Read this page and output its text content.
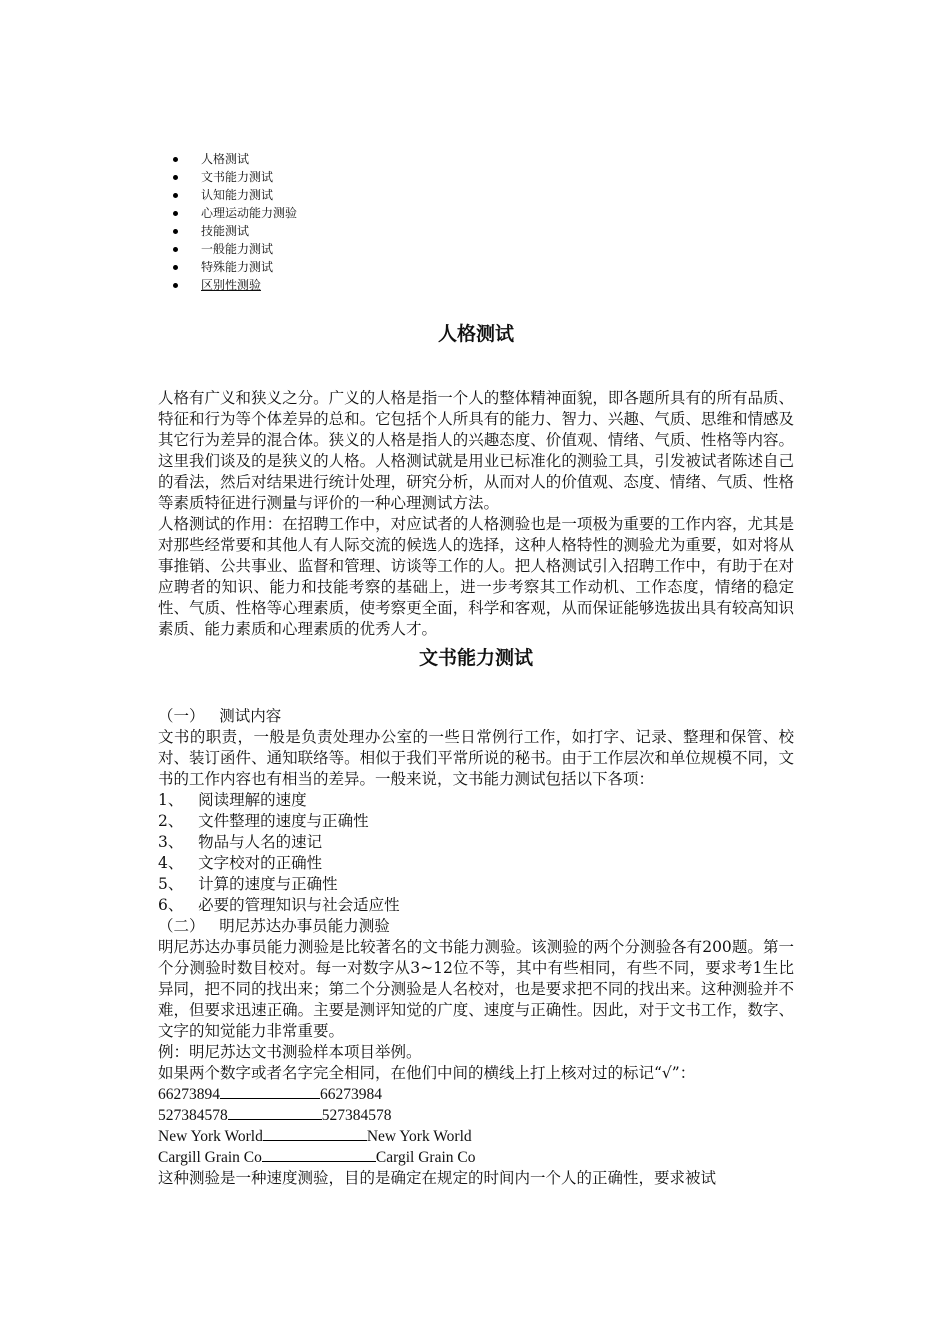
人格测试
文书能力测试
认知能力测试
心理运动能力测验
技能测试
一般能力测试
特殊能力测试
区别性测验
人格测试

人格有广义和狭义之分。广义的人格是指一个人的整体精神面貌，即各题所具有的所有品质、特征和行为等个体差异的总和。它包括个人所具有的能力、智力、兴趣、气质、思维和情感及其它行为差异的混合体。狭义的人格是指人的兴趣态度、价值观、情绪、气质、性格等内容。这里我们谈及的是狭义的人格。人格测试就是用业已标准化的测验工具，引发被试者陈述自己的看法，然后对结果进行统计处理，研究分析，从而对人的价值观、态度、情绪、气质、性格等素质特征进行测量与评价的一种心理测试方法。

人格测试的作用：在招聘工作中，对应试者的人格测验也是一项极为重要的工作内容，尤其是对那些经常要和其他人有人际交流的候选人的选择，这种人格特性的测验尤为重要，如对将从事推销、公共事业、监督和管理、访谈等工作的人。把人格测试引入招聘工作中，有助于在对应聘者的知识、能力和技能考察的基础上，进一步考察其工作动机、工作态度，情绪的稳定性、气质、性格等心理素质，使考察更全面，科学和客观，从而保证能够选拔出具有较高知识素质、能力素质和心理素质的优秀人才。

文书能力测试

（一）   测试内容

文书的职责，一般是负责处理办公室的一些日常例行工作，如打字、记录、整理和保管、校对、装订函件、通知联络等。相似于我们平常所说的秘书。由于工作层次和单位规模不同，文书的工作内容也有相当的差异。一般来说，文书能力测试包括以下各项：

1、   阅读理解的速度

2、   文件整理的速度与正确性

3、   物品与人名的速记

4、   文字校对的正确性

5、   计算的速度与正确性

6、   必要的管理知识与社会适应性

（二）   明尼苏达办事员能力测验

明尼苏达办事员能力测验是比较著名的文书能力测验。该测验的两个分测验各有200题。第一个分测验时数目校对。每一对数字从3~12位不等，其中有些相同，有些不同，要求考1生比异同，把不同的找出来；第二个分测验是人名校对，也是要求把不同的找出来。这种测验并不难，但要求迅速正确。主要是测评知觉的广度、速度与正确性。因此，对于文书工作，数字、文字的知觉能力非常重要。

例：明尼苏达文书测验样本项目举例。

如果两个数字或者名字完全相同，在他们中间的横线上打上核对过的标记“√”：

66273894	66273984

527384578	527384578

New York World	New York World

Cargill Grain Co	Cargil Grain Co

这种测验是一种速度测验，目的是确定在规定的时间内一个人的正确性，要求被试
